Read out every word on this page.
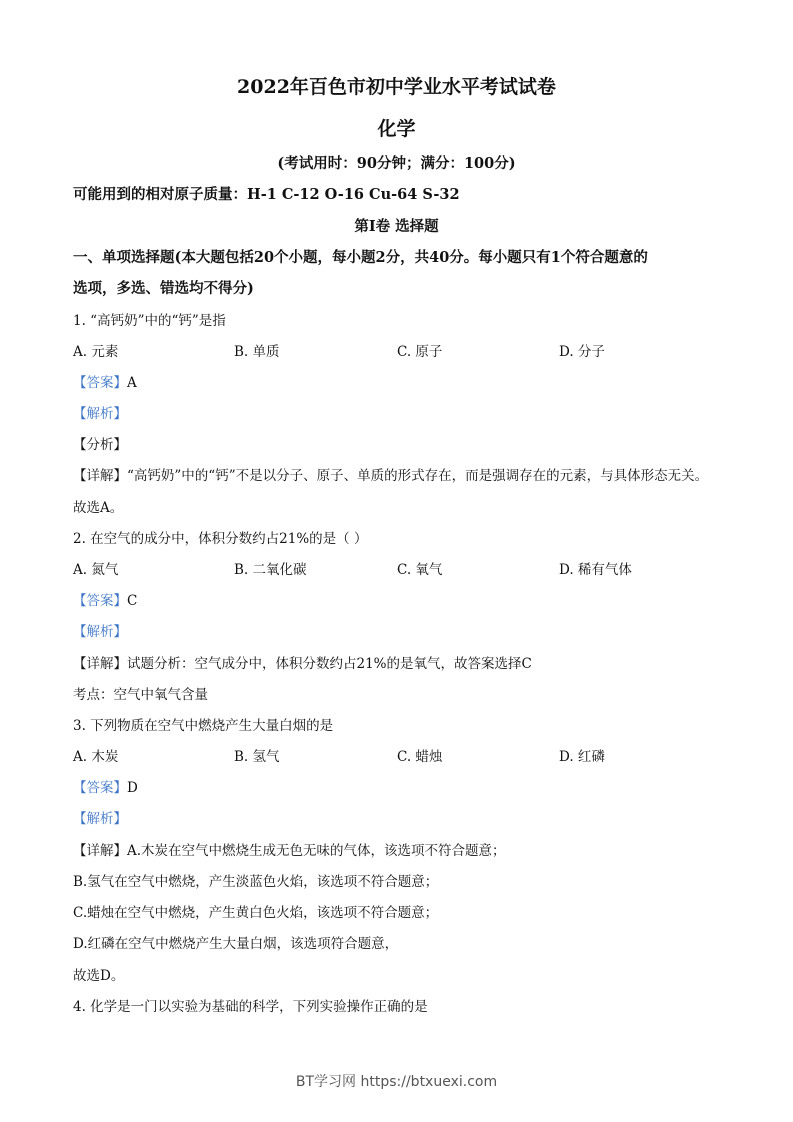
2022年百色市初中学业水平考试试卷
化学
(考试用时：90分钟；满分：100分)
可能用到的相对原子质量：H-1 C-12 O-16 Cu-64 S-32
第Ⅰ卷 选择题
一、单项选择题(本大题包括20个小题，每小题2分，共40分。每小题只有1个符合题意的
选项，多选、错选均不得分)
1. “高钙奶”中的“钙”是指
A. 元素	B. 单质	C. 原子	D. 分子
【答案】A
【解析】
【分析】
【详解】“高钙奶”中的“钙”不是以分子、原子、单质的形式存在，而是强调存在的元素，与具体形态无关。
故选A。
2. 在空气的成分中，体积分数约占21%的是（ ）
A. 氮气	B. 二氧化碳	C. 氧气	D. 稀有气体
【答案】C
【解析】
【详解】试题分析：空气成分中，体积分数约占21%的是氧气，故答案选择C
考点：空气中氧气含量
3. 下列物质在空气中燃烧产生大量白烟的是
A. 木炭	B. 氢气	C. 蜡烛	D. 红磷
【答案】D
【解析】
【详解】A.木炭在空气中燃烧生成无色无味的气体，该选项不符合题意；
B.氢气在空气中燃烧，产生淡蓝色火焰，该选项不符合题意；
C.蜡烛在空气中燃烧，产生黄白色火焰，该选项不符合题意；
D.红磷在空气中燃烧产生大量白烟，该选项符合题意，
故选D。
4. 化学是一门以实验为基础的科学，下列实验操作正确的是
BT学习网 https://btxuexi.com
